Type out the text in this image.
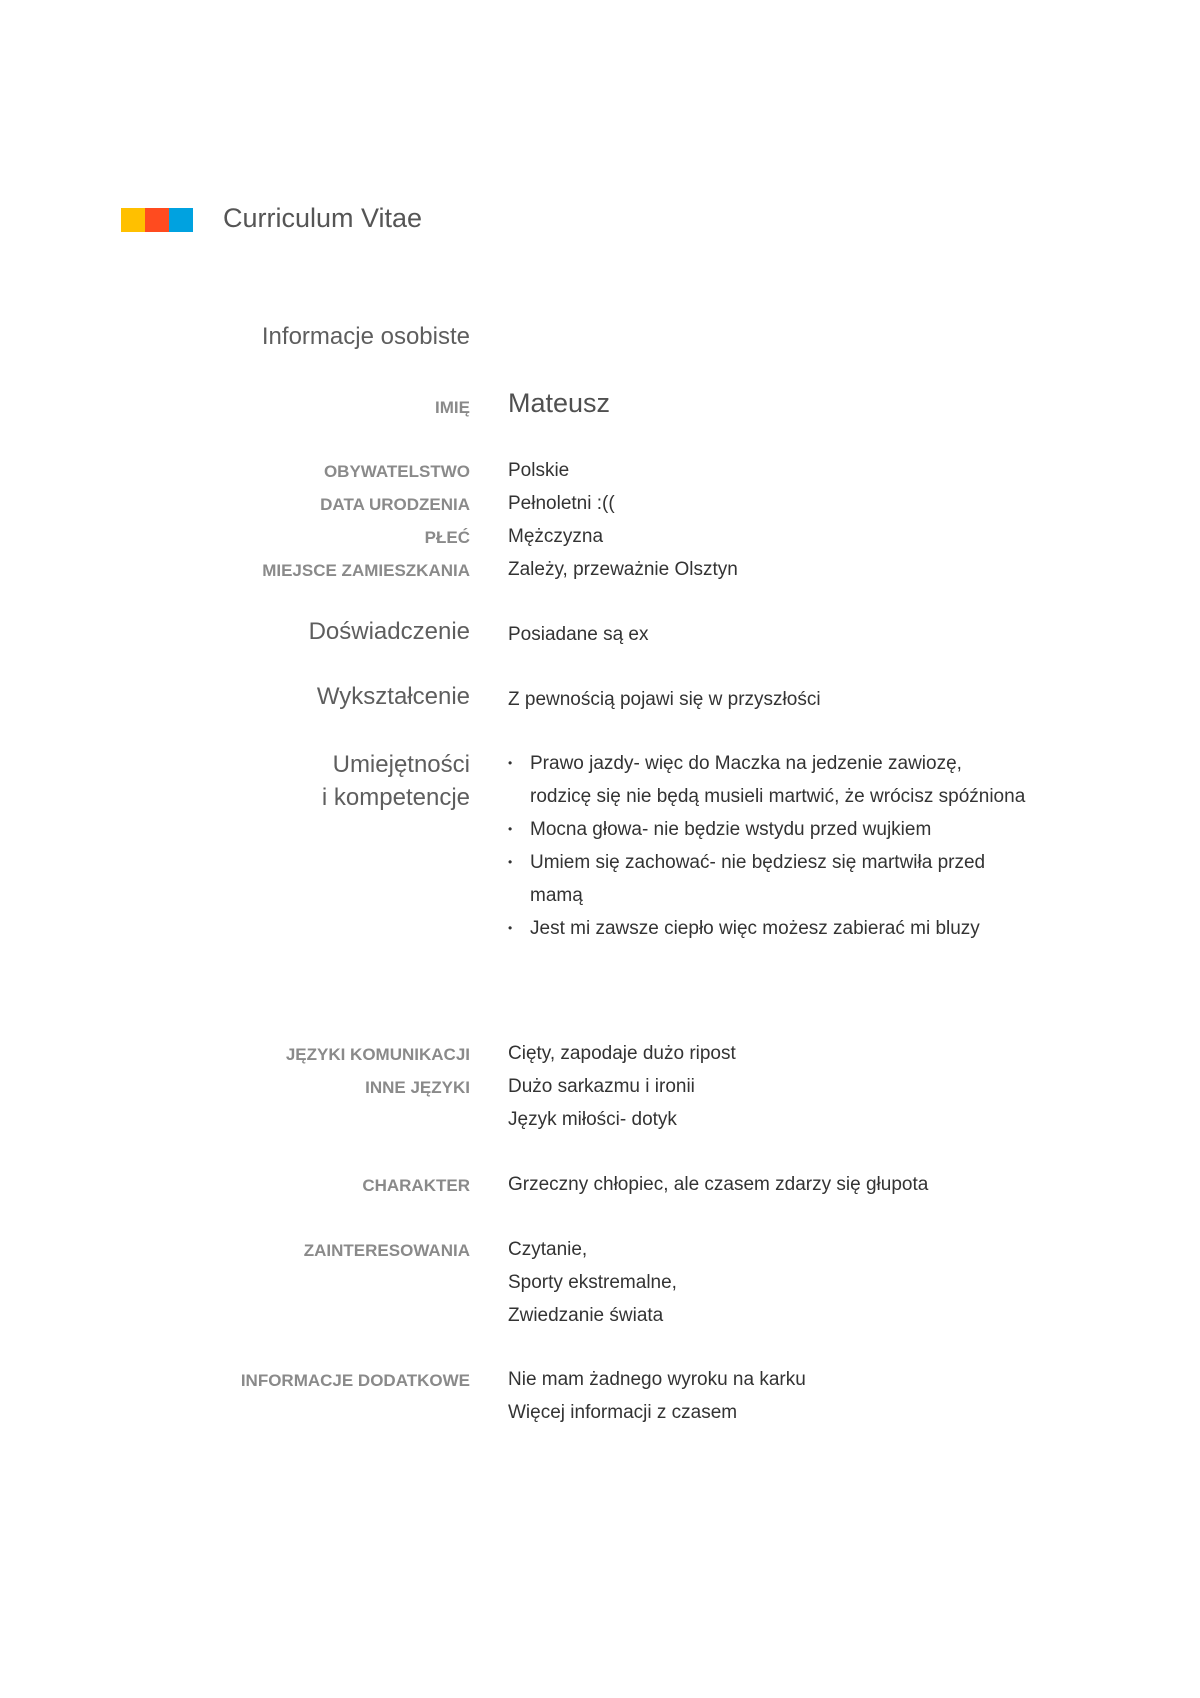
Curriculum Vitae
Informacje osobiste
IMIĘ Mateusz
OBYWATELSTWO Polskie
DATA URODZENIA Pełnoletni :((
PŁEĆ Mężczyzna
MIEJSCE ZAMIESZKANIA Zależy, przeważnie Olsztyn
Doświadczenie Posiadane są ex
Wykształcenie Z pewnością pojawi się w przyszłości
Umiejętności
i kompetencje
• Prawo jazdy- więc do Maczka na jedzenie zawiozę, rodzicę się nie będą musieli martwić, że wrócisz spóźniona
• Mocna głowa- nie będzie wstydu przed wujkiem
• Umiem się zachować- nie będziesz się martwiła przed mamą
• Jest mi zawsze ciepło więc możesz zabierać mi bluzy
JĘZYKI KOMUNIKACJI Cięty, zapodaje dużo ripost
INNE JĘZYKI Dużo sarkazmu i ironii
Język miłości- dotyk
CHARAKTER Grzeczny chłopiec, ale czasem zdarzy się głupota
ZAINTERESOWANIA Czytanie,
Sporty ekstremalne,
Zwiedzanie świata
INFORMACJE DODATKOWE Nie mam żadnego wyroku na karku
Więcej informacji z czasem
